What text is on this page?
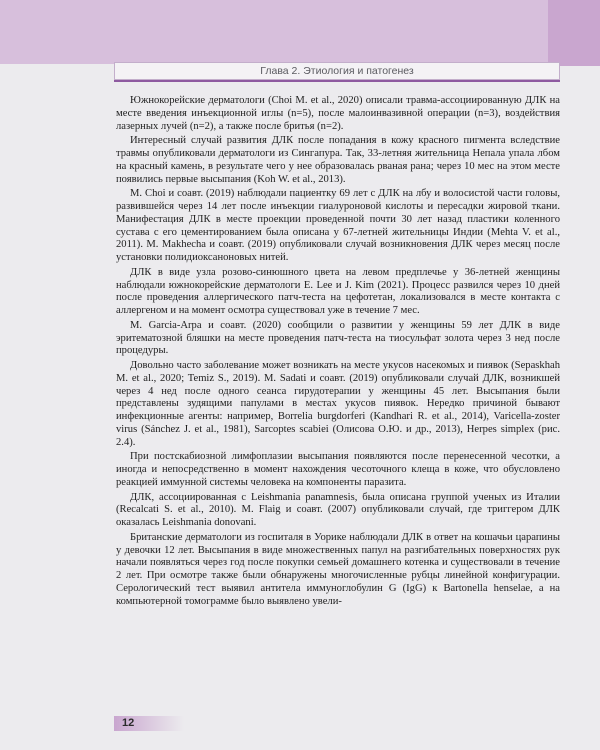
Глава 2. Этиология и патогенез

Южнокорейские дерматологи (Choi M. et al., 2020) описали травма-ассоциированную ДЛК на месте введения инъекционной иглы (n=5), после малоинвазивной операции (n=3), воздействия лазерных лучей (n=2), а также после бритья (n=2).

Интересный случай развития ДЛК после попадания в кожу красного пигмента вследствие травмы опубликовали дерматологи из Сингапура. Так, 33-летняя жительница Непала упала лбом на красный камень, в результате чего у нее образовалась рваная рана; через 10 мес на этом месте появились первые высыпания (Koh W. et al., 2013).

M. Choi и соавт. (2019) наблюдали пациентку 69 лет с ДЛК на лбу и волосистой части головы, развившейся через 14 лет после инъекции гиалуроновой кислоты и пересадки жировой ткани. Манифестация ДЛК в месте проекции проведенной почти 30 лет назад пластики коленного сустава с его цементированием была описана у 67-летней жительницы Индии (Mehta V. et al., 2011). M. Makhecha и соавт. (2019) опубликовали случай возникновения ДЛК через месяц после установки полидиоксаноновых нитей.

ДЛК в виде узла розово-синюшного цвета на левом предплечье у 36-летней женщины наблюдали южнокорейские дерматологи E. Lee и J. Kim (2021). Процесс развился через 10 дней после проведения аллергического патч-теста на цефотетан, локализовался в месте контакта с аллергеном и на момент осмотра существовал уже в течение 7 мес.

M. Garcia-Arpa и соавт. (2020) сообщили о развитии у женщины 59 лет ДЛК в виде эритематозной бляшки на месте проведения патч-теста на тиосульфат золота через 3 нед после процедуры.

Довольно часто заболевание может возникать на месте укусов насекомых и пиявок (Sepaskhah M. et al., 2020; Temiz S., 2019). M. Sadati и соавт. (2019) опубликовали случай ДЛК, возникшей через 4 нед после одного сеанса гирудотерапии у женщины 45 лет. Высыпания были представлены зудящими папулами в местах укусов пиявок. Нередко причиной бывают инфекционные агенты: например, Borrelia burgdorferi (Kandhari R. et al., 2014), Varicella-zoster virus (Sánchez J. et al., 1981), Sarcoptes scabiei (Олисова О.Ю. и др., 2013), Herpes simplex (рис. 2.4).

При постскабиозной лимфоплазии высыпания появляются после перенесенной чесотки, а иногда и непосредственно в момент нахождения чесоточного клеща в коже, что обусловлено реакцией иммунной системы человека на компоненты паразита.

ДЛК, ассоциированная с Leishmania panamnesis, была описана группой ученых из Италии (Recalcati S. et al., 2010). M. Flaig и соавт. (2007) опубликовали случай, где триггером ДЛК оказалась Leishmania donovani.

Британские дерматологи из госпиталя в Уорике наблюдали ДЛК в ответ на кошачьи царапины у девочки 12 лет. Высыпания в виде множественных папул на разгибательных поверхностях рук начали появляться через год после покупки семьей домашнего котенка и существовали в течение 2 лет. При осмотре также были обнаружены многочисленные рубцы линейной конфигурации. Серологический тест выявил антитела иммуноглобулин G (IgG) к Bartonella henselae, а на компьютерной томограмме было выявлено увели-

12
